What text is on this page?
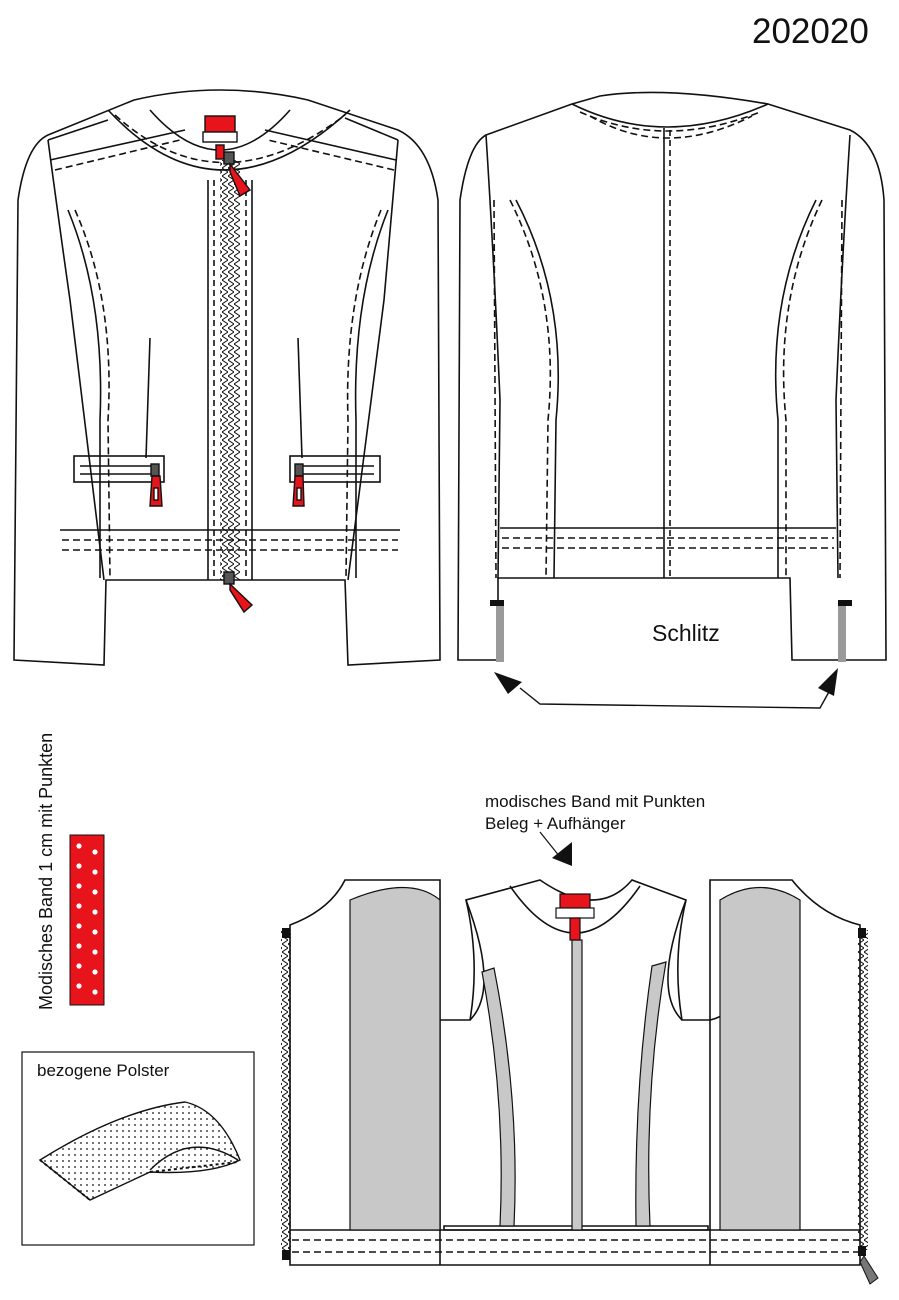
202020
Schlitz
Modisches Band 1 cm mit Punkten	modisches Band mit Punkten
Beleg + Aufhänger
bezogene Polster
